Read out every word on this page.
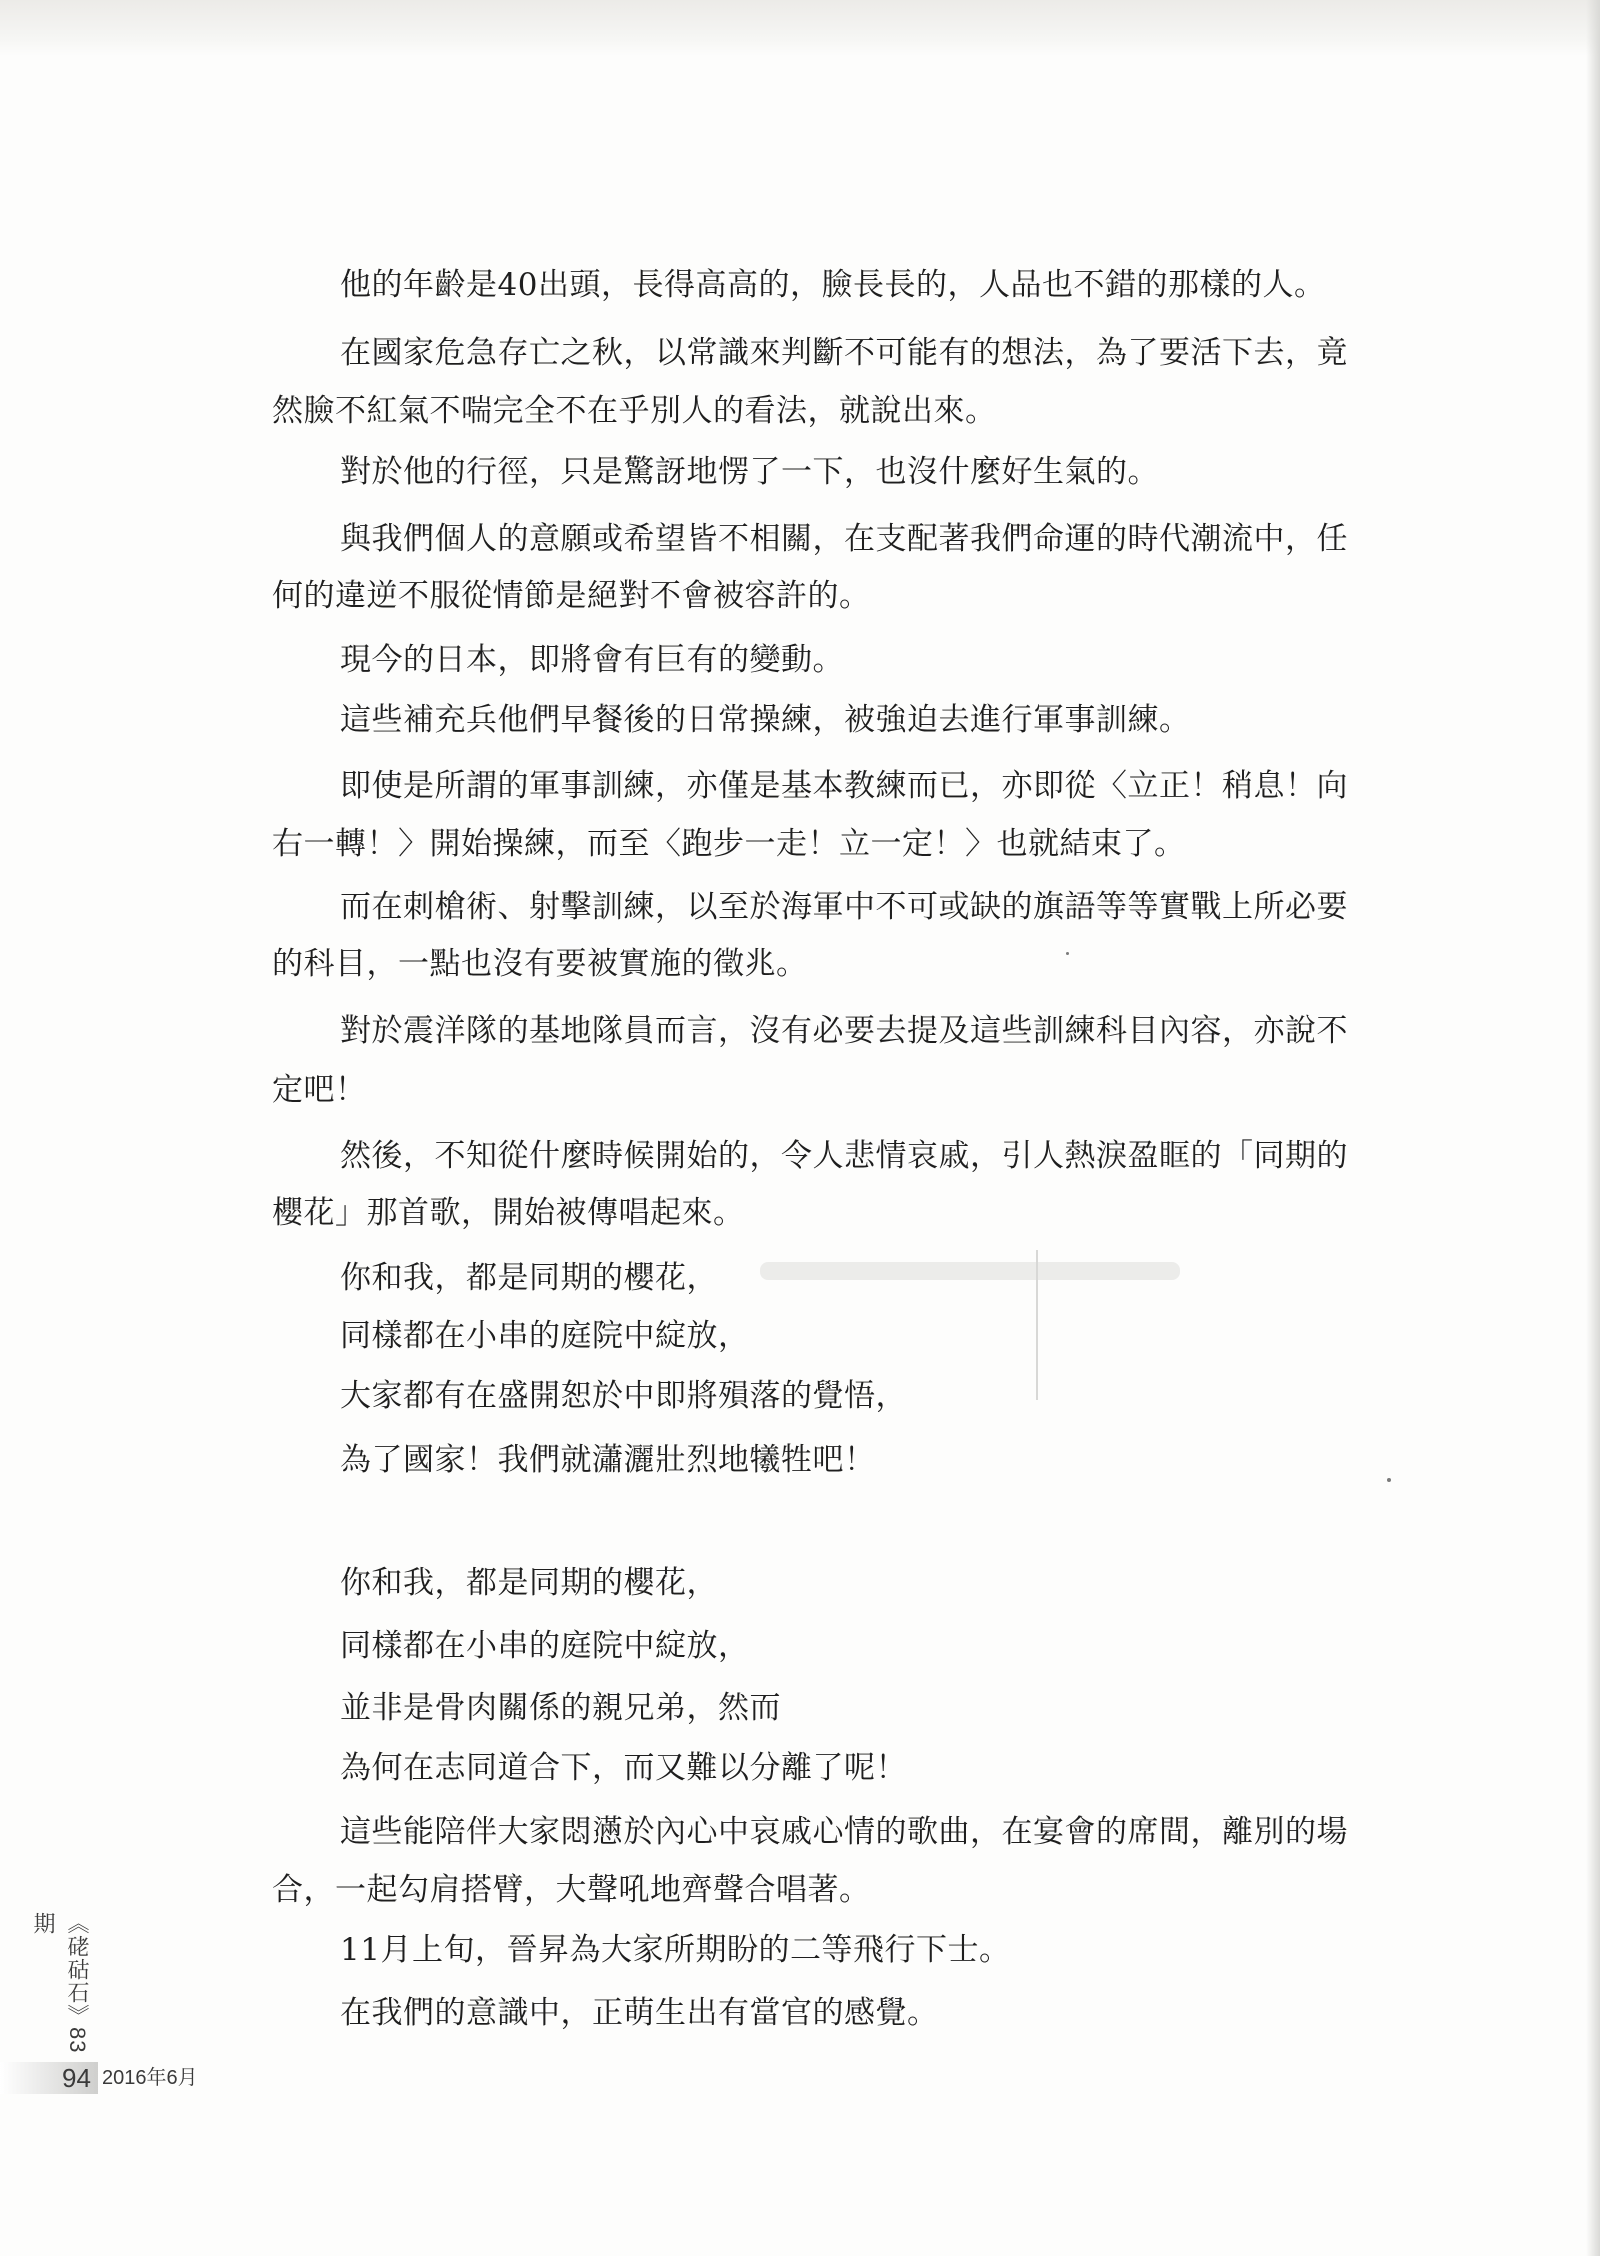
他的年齡是40出頭，長得高高的，臉長長的，人品也不錯的那樣的人。
在國家危急存亡之秋，以常識來判斷不可能有的想法，為了要活下去，竟
然臉不紅氣不喘完全不在乎別人的看法，就說出來。
對於他的行徑，只是驚訝地愣了一下，也沒什麼好生氣的。
與我們個人的意願或希望皆不相關，在支配著我們命運的時代潮流中，任
何的違逆不服從情節是絕對不會被容許的。
現今的日本，即將會有巨有的變動。
這些補充兵他們早餐後的日常操練，被強迫去進行軍事訓練。
即使是所謂的軍事訓練，亦僅是基本教練而已，亦即從〈立正！稍息！向
右一轉！〉開始操練，而至〈跑步一走！立一定！〉也就結束了。
而在刺槍術、射擊訓練，以至於海軍中不可或缺的旗語等等實戰上所必要
的科目，一點也沒有要被實施的徵兆。
對於震洋隊的基地隊員而言，沒有必要去提及這些訓練科目內容，亦說不
定吧！
然後，不知從什麼時候開始的，令人悲情哀戚，引人熱淚盈眶的「同期的
櫻花」那首歌，開始被傳唱起來。
你和我，都是同期的櫻花，
同樣都在小串的庭院中綻放，
大家都有在盛開恕於中即將殞落的覺悟，
為了國家！我們就瀟灑壯烈地犧牲吧！
你和我，都是同期的櫻花，
同樣都在小串的庭院中綻放，
並非是骨肉關係的親兄弟，然而
為何在志同道合下，而又難以分離了呢！
這些能陪伴大家悶懣於內心中哀戚心情的歌曲，在宴會的席間，離別的場
合，一起勾肩搭臂，大聲吼地齊聲合唱著。
11月上旬，晉昇為大家所期盼的二等飛行下士。
在我們的意識中，正萌生出有當官的感覺。
《硓𥑮石》83期
94 2016年6月
